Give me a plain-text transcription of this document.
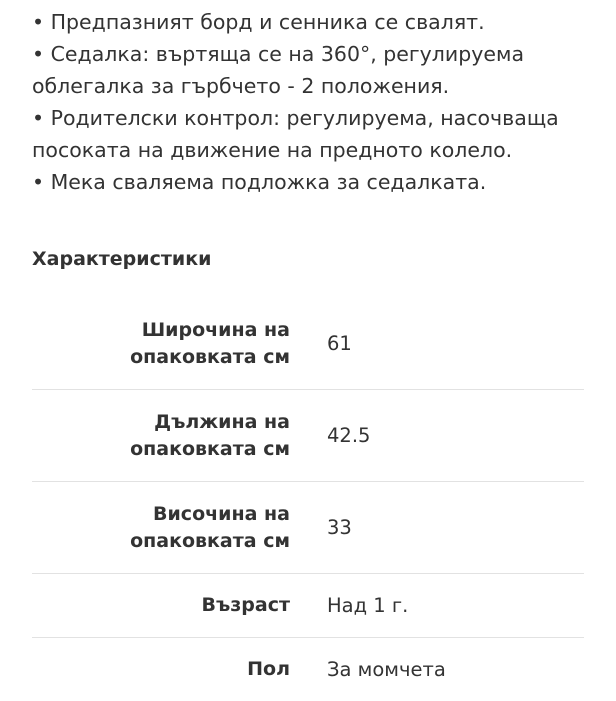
• Предпазният борд и сенника се свалят.
• Седалка: въртяща се на 360°, регулируема
облегалка за гърбчето - 2 положения.
• Родителски контрол: регулируема, насочваща
посоката на движение на предното колело.
• Мека сваляема подложка за седалката.
Характеристики
Широчина на
опаковката см
61
Дължина на
опаковката см
42.5
Височина на
опаковката см
33
Възраст	Над 1 г.
Пол	За момчета
